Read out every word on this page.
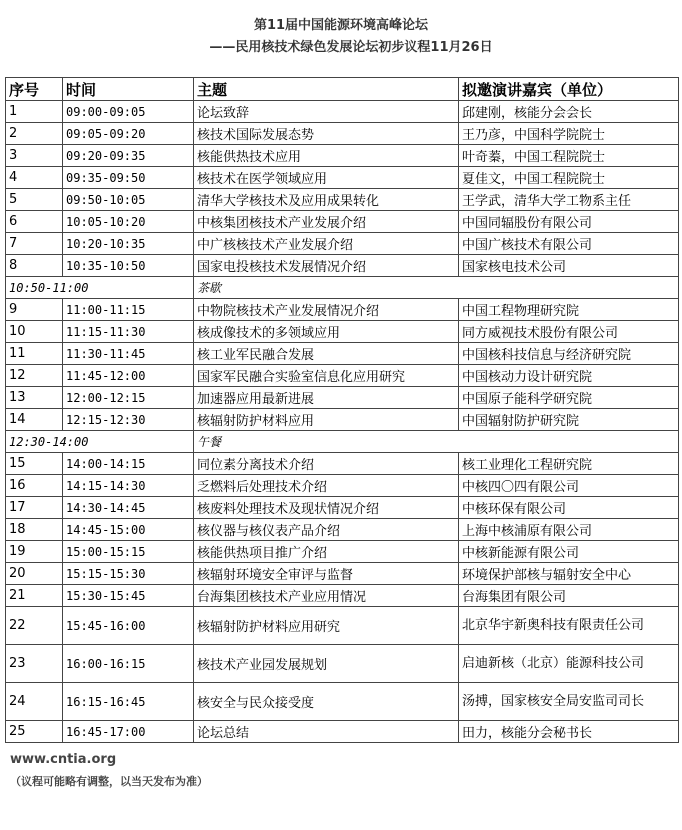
第11届中国能源环境高峰论坛
——民用核技术绿色发展论坛初步议程11月26日
序号	时间	主题	拟邀演讲嘉宾（单位）
1	09:00-09:05	论坛致辞	邱建刚，核能分会会长
2	09:05-09:20	核技术国际发展态势	王乃彦，中国科学院院士
3	09:20-09:35	核能供热技术应用	叶奇蓁，中国工程院院士
4	09:35-09:50	核技术在医学领域应用	夏佳文，中国工程院院士
5	09:50-10:05	清华大学核技术及应用成果转化	王学武，清华大学工物系主任
6	10:05-10:20	中核集团核技术产业发展介绍	中国同辐股份有限公司
7	10:20-10:35	中广核核技术产业发展介绍	中国广核技术有限公司
8	10:35-10:50	国家电投核技术发展情况介绍	国家核电技术公司
10:50-11:00		茶歇	
9	11:00-11:15	中物院核技术产业发展情况介绍	中国工程物理研究院
10	11:15-11:30	核成像技术的多领域应用	同方威视技术股份有限公司
11	11:30-11:45	核工业军民融合发展	中国核科技信息与经济研究院
12	11:45-12:00	国家军民融合实验室信息化应用研究	中国核动力设计研究院
13	12:00-12:15	加速器应用最新进展	中国原子能科学研究院
14	12:15-12:30	核辐射防护材料应用	中国辐射防护研究院
12:30-14:00		午餐	
15	14:00-14:15	同位素分离技术介绍	核工业理化工程研究院
16	14:15-14:30	乏燃料后处理技术介绍	中核四〇四有限公司
17	14:30-14:45	核废料处理技术及现状情况介绍	中核环保有限公司
18	14:45-15:00	核仪器与核仪表产品介绍	上海中核浦原有限公司
19	15:00-15:15	核能供热项目推广介绍	中核新能源有限公司
20	15:15-15:30	核辐射环境安全审评与监督	环境保护部核与辐射安全中心
21	15:30-15:45	台海集团核技术产业应用情况	台海集团有限公司
22	15:45-16:00	核辐射防护材料应用研究	北京华宇新奥科技有限责任公司
23	16:00-16:15	核技术产业园发展规划	启迪新核（北京）能源科技公司
24	16:15-16:45	核安全与民众接受度	汤搏，国家核安全局安监司司长
25	16:45-17:00	论坛总结	田力，核能分会秘书长
www.cntia.org
（议程可能略有调整，以当天发布为准）
